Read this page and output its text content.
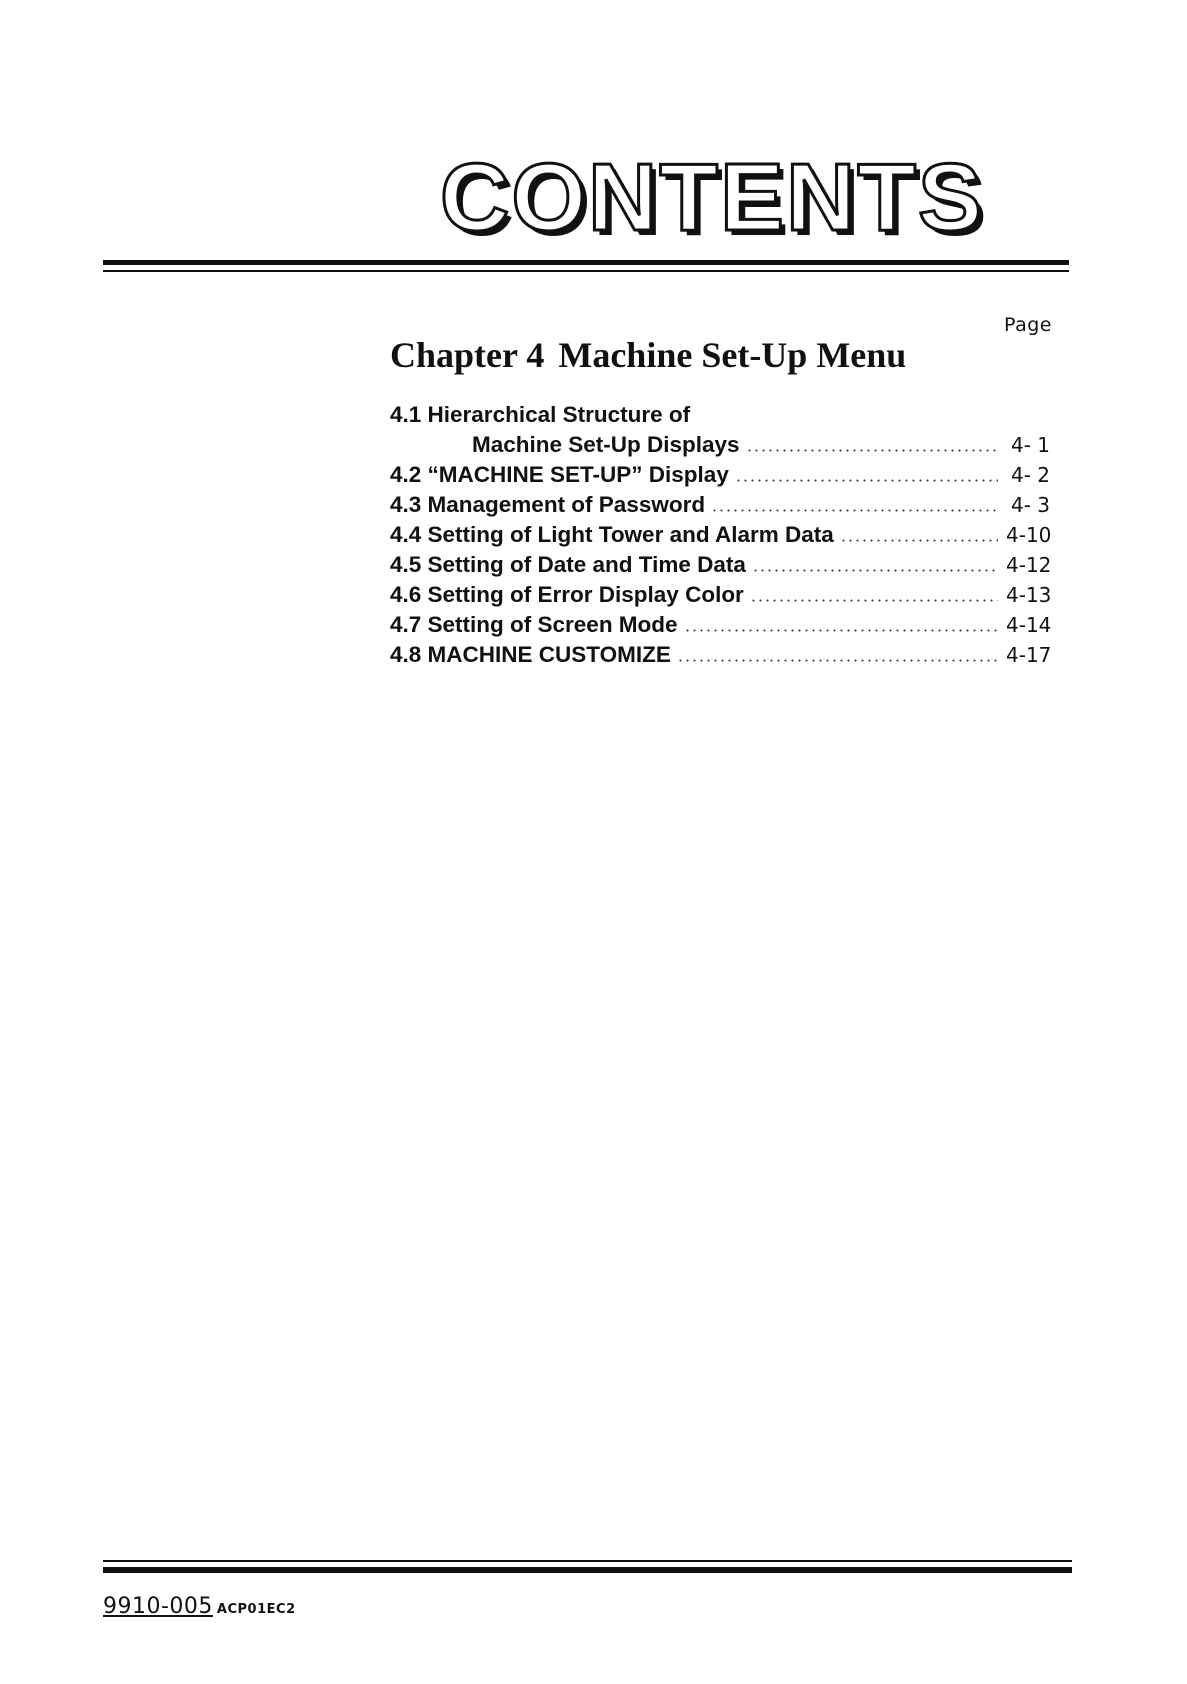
CONTENTS
Page
Chapter 4 Machine Set-Up Menu
4.1 Hierarchical Structure of
Machine Set-Up Displays	4- 1
4.2 “MACHINE SET-UP” Display	4- 2
4.3 Management of Password	4- 3
4.4 Setting of Light Tower and Alarm Data	4-10
4.5 Setting of Date and Time Data	4-12
4.6 Setting of Error Display Color	4-13
4.7 Setting of Screen Mode	4-14
4.8 MACHINE CUSTOMIZE	4-17
9910-005 ACP01EC2
